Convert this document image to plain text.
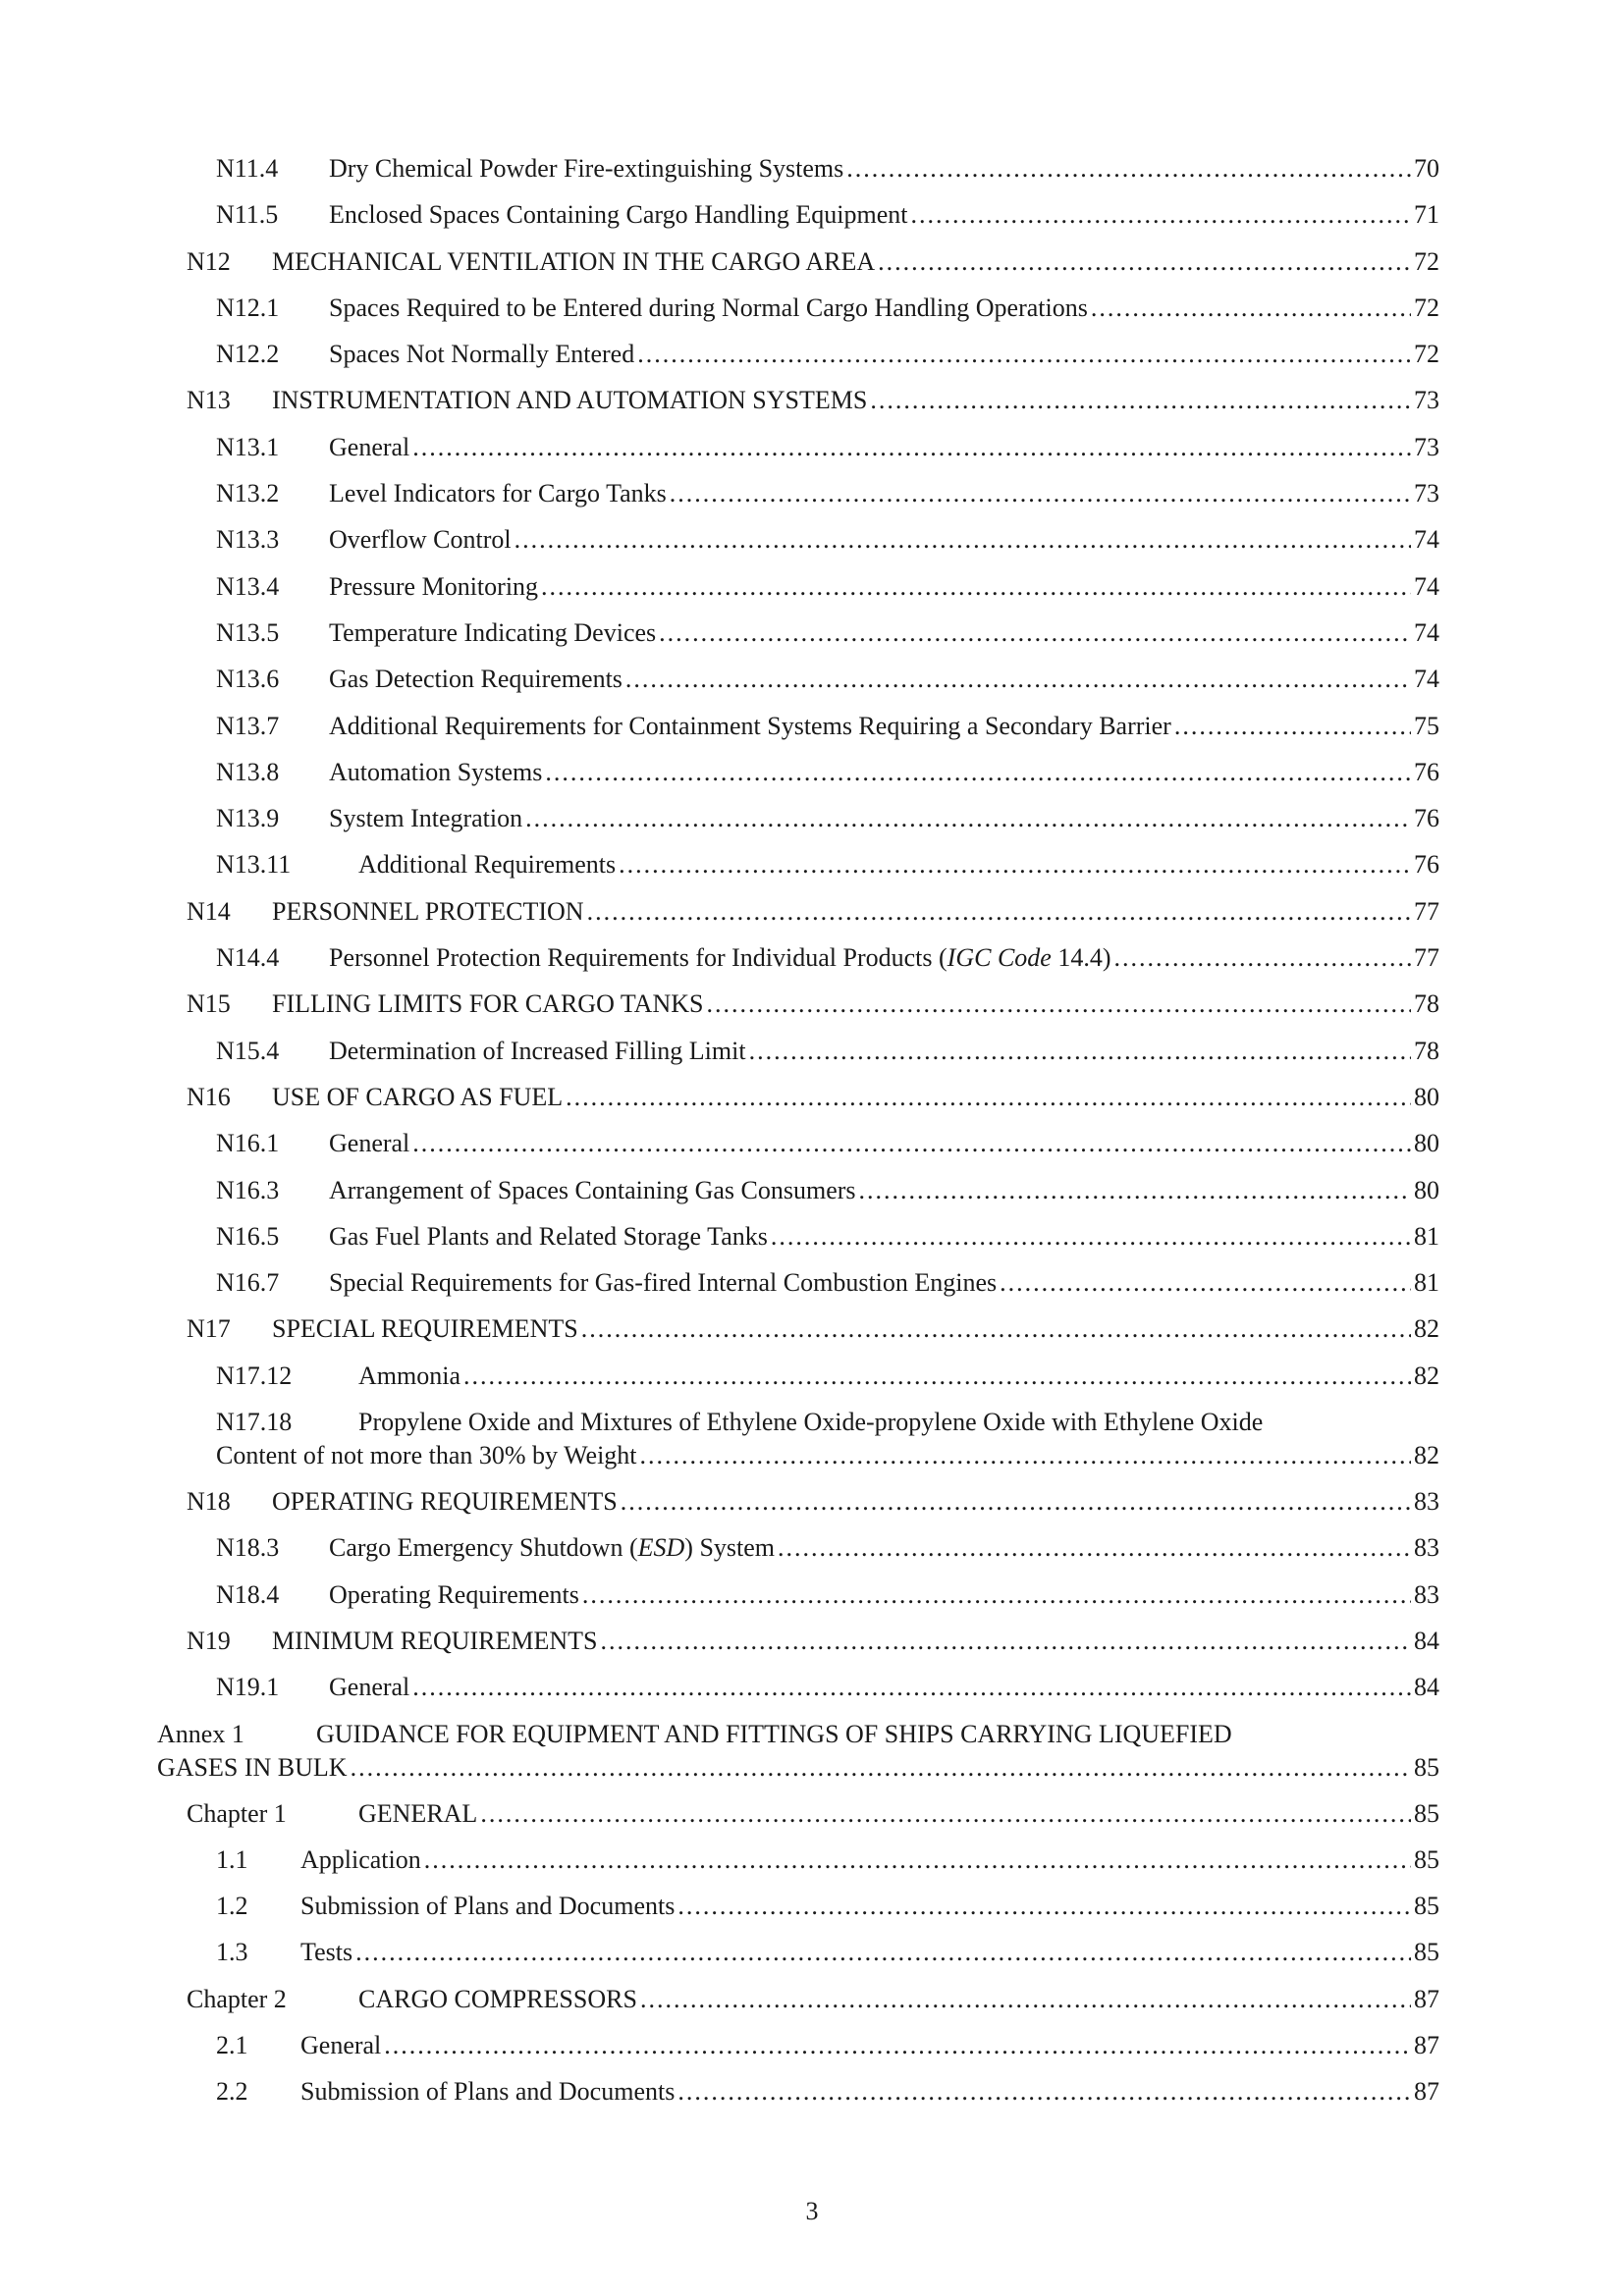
N11.4 Dry Chemical Powder Fire-extinguishing Systems .....	70
N11.5 Enclosed Spaces Containing Cargo Handling Equipment .....	71
N12 MECHANICAL VENTILATION IN THE CARGO AREA .....	72
N12.1 Spaces Required to be Entered during Normal Cargo Handling Operations .....	72
N12.2 Spaces Not Normally Entered .....	72
N13 INSTRUMENTATION AND AUTOMATION SYSTEMS .....	73
N13.1 General .....	73
N13.2 Level Indicators for Cargo Tanks .....	73
N13.3 Overflow Control .....	74
N13.4 Pressure Monitoring .....	74
N13.5 Temperature Indicating Devices .....	74
N13.6 Gas Detection Requirements .....	74
N13.7 Additional Requirements for Containment Systems Requiring a Secondary Barrier .....	75
N13.8 Automation Systems .....	76
N13.9 System Integration .....	76
N13.11	Additional Requirements .....	76
N14 PERSONNEL PROTECTION .....	77
N14.4 Personnel Protection Requirements for Individual Products (IGC Code 14.4) .....	77
N15 FILLING LIMITS FOR CARGO TANKS .....	78
N15.4 Determination of Increased Filling Limit .....	78
N16 USE OF CARGO AS FUEL .....	80
N16.1 General .....	80
N16.3 Arrangement of Spaces Containing Gas Consumers .....	80
N16.5 Gas Fuel Plants and Related Storage Tanks .....	81
N16.7 Special Requirements for Gas-fired Internal Combustion Engines .....	81
N17 SPECIAL REQUIREMENTS .....	82
N17.12	Ammonia .....	82
N17.18	Propylene Oxide and Mixtures of Ethylene Oxide-propylene Oxide with Ethylene Oxide
Content of not more than 30% by Weight .....	82
N18 OPERATING REQUIREMENTS .....	83
N18.3 Cargo Emergency Shutdown (ESD) System .....	83
N18.4 Operating Requirements .....	83
N19 MINIMUM REQUIREMENTS .....	84
N19.1 General .....	84
Annex 1	GUIDANCE FOR EQUIPMENT AND FITTINGS OF SHIPS CARRYING LIQUEFIED
GASES IN BULK .....	85
Chapter 1	GENERAL .....	85
1.1 Application .....	85
1.2 Submission of Plans and Documents .....	85
1.3 Tests .....	85
Chapter 2	CARGO COMPRESSORS .....	87
2.1 General .....	87
2.2 Submission of Plans and Documents .....	87
3
